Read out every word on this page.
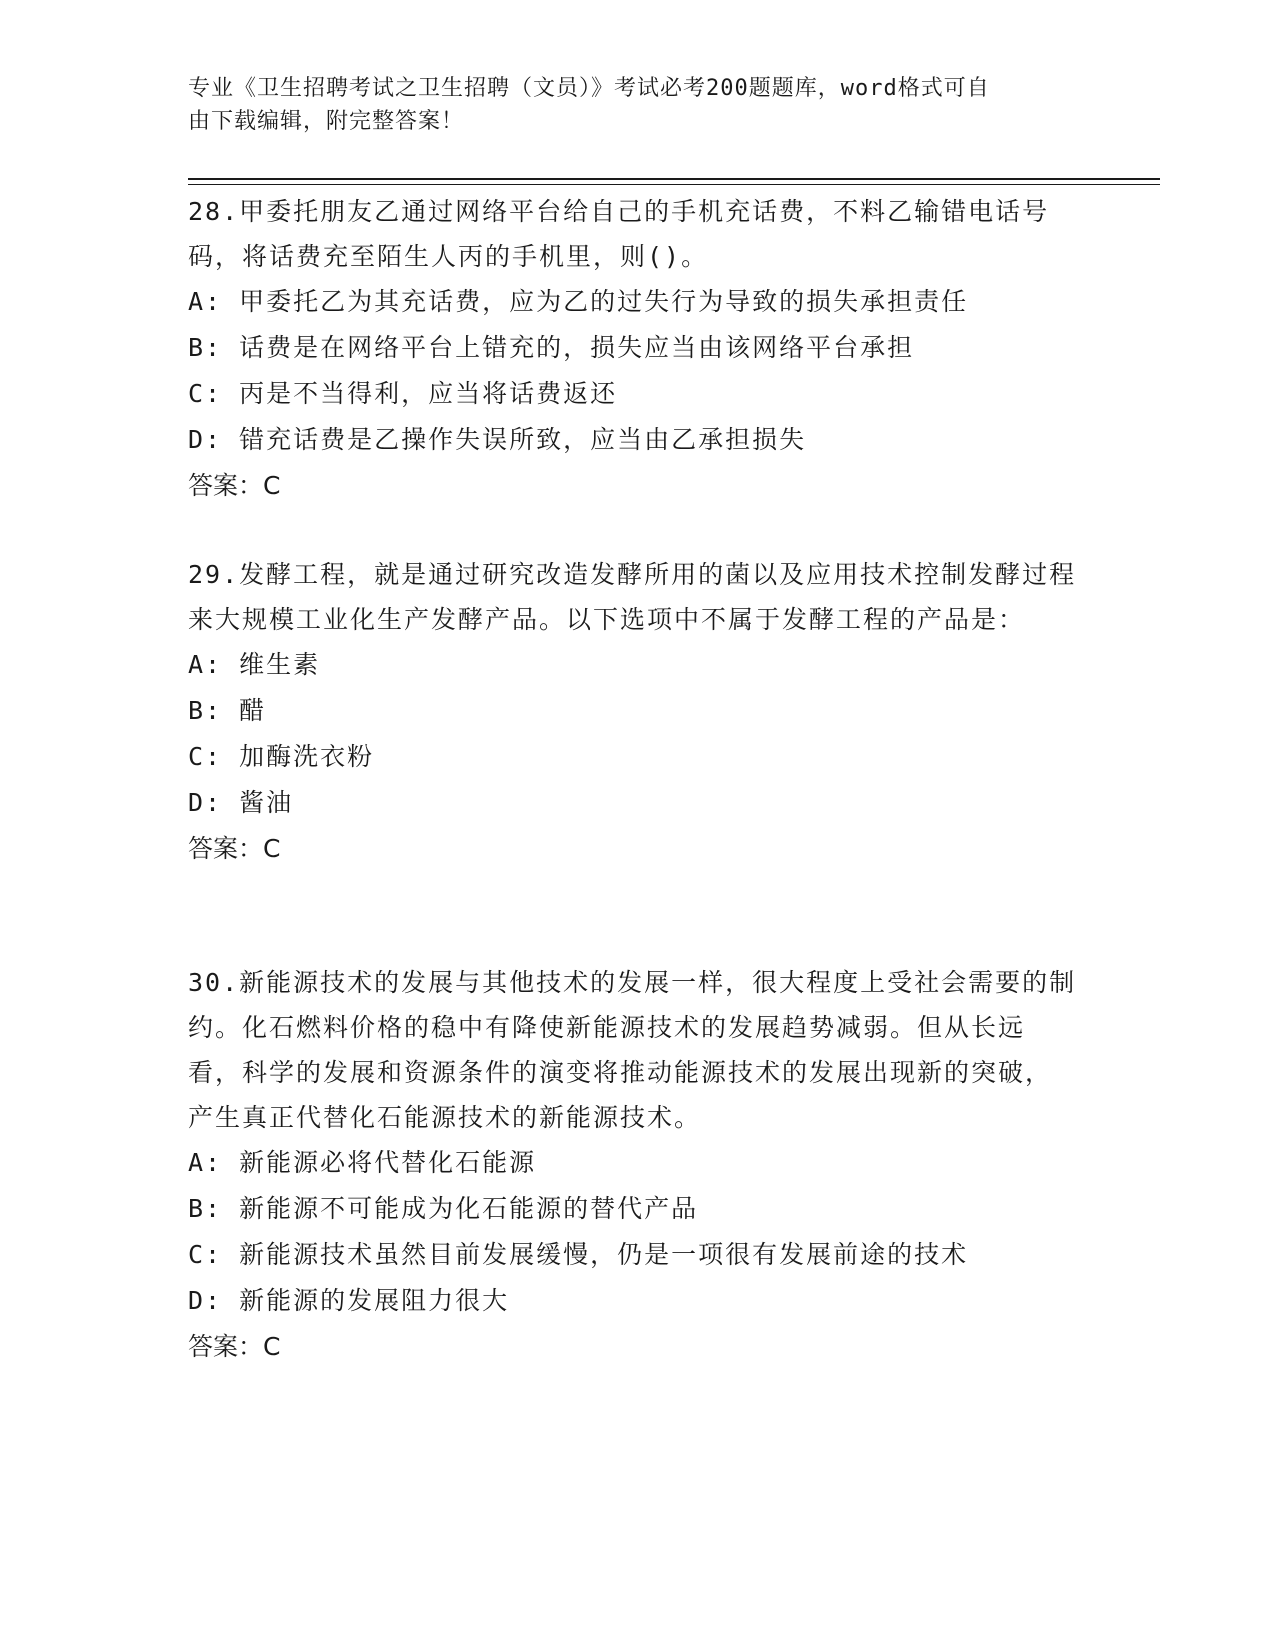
专业《卫生招聘考试之卫生招聘（文员）》考试必考200题题库，word格式可自
由下载编辑，附完整答案！

28.甲委托朋友乙通过网络平台给自己的手机充话费，不料乙输错电话号码，将话费充至陌生人丙的手机里，则()。

A: 甲委托乙为其充话费，应为乙的过失行为导致的损失承担责任

B: 话费是在网络平台上错充的，损失应当由该网络平台承担

C: 丙是不当得利，应当将话费返还

D: 错充话费是乙操作失误所致，应当由乙承担损失

答案：C

29.发酵工程，就是通过研究改造发酵所用的菌以及应用技术控制发酵过程来大规模工业化生产发酵产品。以下选项中不属于发酵工程的产品是：

A: 维生素

B: 醋

C: 加酶洗衣粉

D: 酱油

答案：C

30.新能源技术的发展与其他技术的发展一样，很大程度上受社会需要的制约。化石燃料价格的稳中有降使新能源技术的发展趋势减弱。但从长远看，科学的发展和资源条件的演变将推动能源技术的发展出现新的突破，产生真正代替化石能源技术的新能源技术。

A: 新能源必将代替化石能源

B: 新能源不可能成为化石能源的替代产品

C: 新能源技术虽然目前发展缓慢，仍是一项很有发展前途的技术

D: 新能源的发展阻力很大

答案：C
